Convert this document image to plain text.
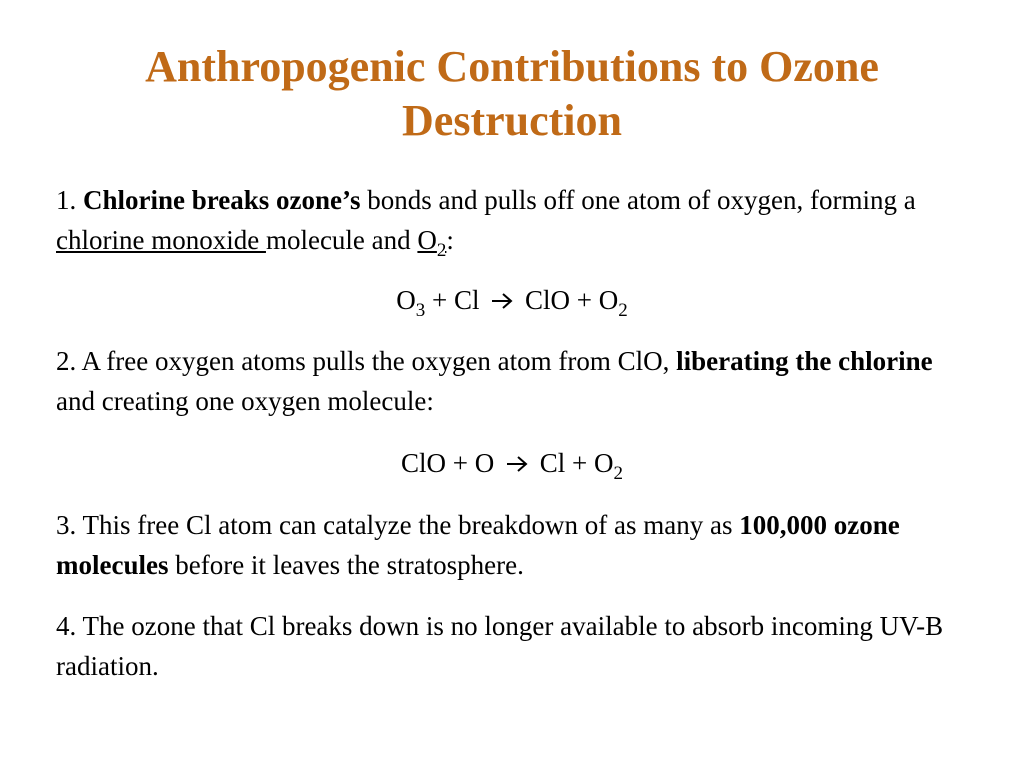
Anthropogenic Contributions to Ozone
Destruction
1. Chlorine breaks ozone’s bonds and pulls off one atom of oxygen, forming a chlorine monoxide molecule and $O_2$:
$O_3 + Cl$ ClO + $O_2$
2. A free oxygen atoms pulls the oxygen atom from ClO, liberating the chlorine and creating one oxygen molecule:
ClO + O $Cl + O_2$
3. This free Cl atom can catalyze the breakdown of as many as 100,000 ozone molecules before it leaves the stratosphere.
4. The ozone that Cl breaks down is no longer available to absorb incoming UV-B radiation.
